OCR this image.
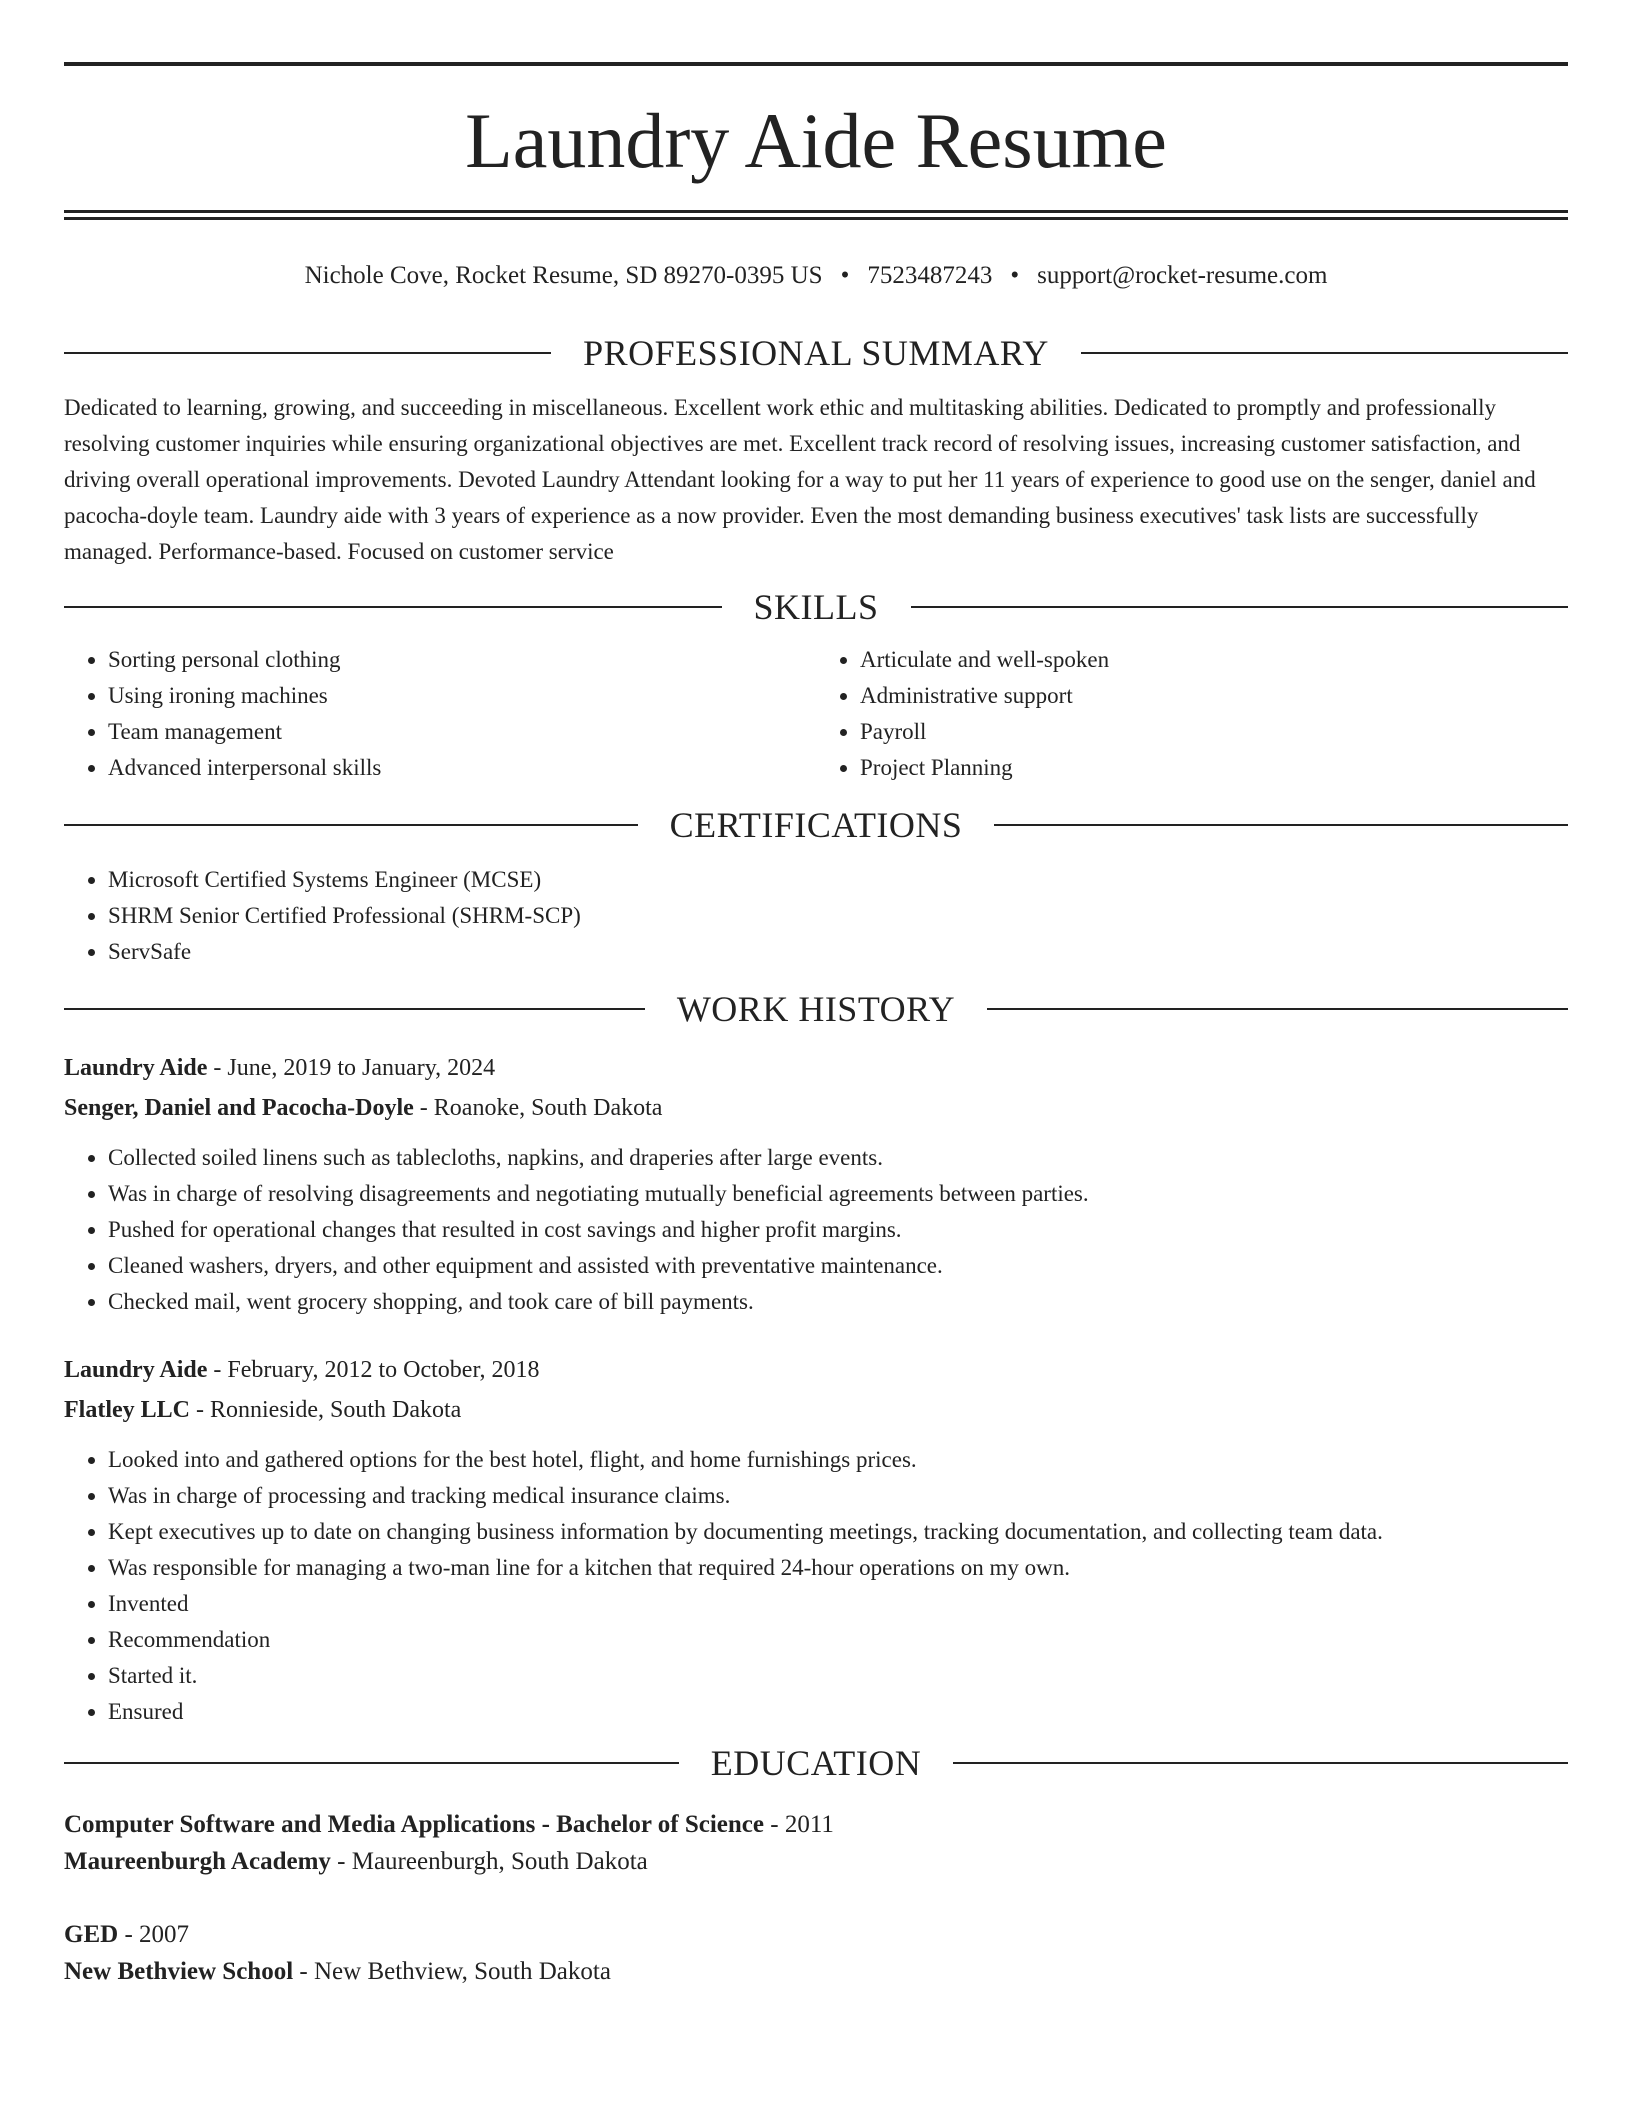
Laundry Aide Resume
Nichole Cove, Rocket Resume, SD 89270-0395 US • 7523487243 • support@rocket-resume.com
PROFESSIONAL SUMMARY

Dedicated to learning, growing, and succeeding in miscellaneous. Excellent work ethic and multitasking abilities. Dedicated to promptly and professionally resolving customer inquiries while ensuring organizational objectives are met. Excellent track record of resolving issues, increasing customer satisfaction, and driving overall operational improvements. Devoted Laundry Attendant looking for a way to put her 11 years of experience to good use on the senger, daniel and pacocha-doyle team. Laundry aide with 3 years of experience as a now provider. Even the most demanding business executives' task lists are successfully managed. Performance-based. Focused on customer service

SKILLS
• Sorting personal clothing
• Using ironing machines
• Team management
• Advanced interpersonal skills
• Articulate and well-spoken
• Administrative support
• Payroll
• Project Planning
CERTIFICATIONS
• Microsoft Certified Systems Engineer (MCSE)
• SHRM Senior Certified Professional (SHRM-SCP)
• ServSafe
WORK HISTORY
Laundry Aide - June, 2019 to January, 2024
Senger, Daniel and Pacocha-Doyle - Roanoke, South Dakota
• Collected soiled linens such as tablecloths, napkins, and draperies after large events.
• Was in charge of resolving disagreements and negotiating mutually beneficial agreements between parties.
• Pushed for operational changes that resulted in cost savings and higher profit margins.
• Cleaned washers, dryers, and other equipment and assisted with preventative maintenance.
• Checked mail, went grocery shopping, and took care of bill payments.
Laundry Aide - February, 2012 to October, 2018
Flatley LLC - Ronnieside, South Dakota
• Looked into and gathered options for the best hotel, flight, and home furnishings prices.
• Was in charge of processing and tracking medical insurance claims.
• Kept executives up to date on changing business information by documenting meetings, tracking documentation, and collecting team data.
• Was responsible for managing a two-man line for a kitchen that required 24-hour operations on my own.
• Invented
• Recommendation
• Started it.
• Ensured
EDUCATION
Computer Software and Media Applications - Bachelor of Science - 2011
Maureenburgh Academy - Maureenburgh, South Dakota
GED - 2007
New Bethview School - New Bethview, South Dakota
